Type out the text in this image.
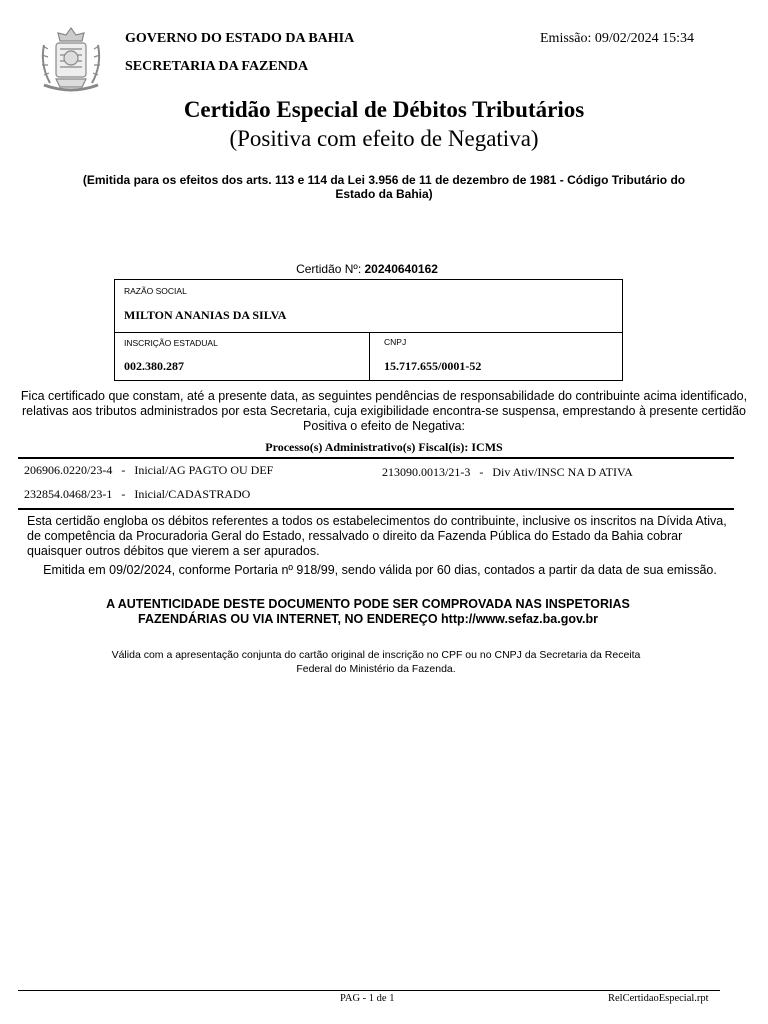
GOVERNO DO ESTADO DA BAHIA
SECRETARIA DA FAZENDA
Emissão: 09/02/2024 15:34
Certidão Especial de Débitos Tributários
(Positiva com efeito de Negativa)
(Emitida para os efeitos dos arts. 113 e 114 da Lei 3.956 de 11 de dezembro de 1981 - Código Tributário do Estado da Bahia)
Certidão Nº: 20240640162
RAZÃO SOCIAL
MILTON ANANIAS DA SILVA
INSCRIÇÃO ESTADUAL
002.380.287
CNPJ
15.717.655/0001-52
Fica certificado que constam, até a presente data, as seguintes pendências de responsabilidade do contribuinte acima identificado, relativas aos tributos administrados por esta Secretaria, cuja exigibilidade encontra-se suspensa, emprestando à presente certidão Positiva o efeito de Negativa:
Processo(s) Administrativo(s) Fiscal(is): ICMS
206906.0220/23-4   -   Inicial/AG PAGTO OU DEF	213090.0013/21-3   -   Div Ativ/INSC NA D ATIVA
232854.0468/23-1   -   Inicial/CADASTRADO
Esta certidão engloba os débitos referentes a todos os estabelecimentos do contribuinte, inclusive os inscritos na Dívida Ativa, de competência da Procuradoria Geral do Estado, ressalvado o direito da Fazenda Pública do Estado da Bahia cobrar quaisquer outros débitos que vierem a ser apurados.
Emitida em 09/02/2024, conforme Portaria nº 918/99, sendo válida por 60 dias, contados a partir da data de sua emissão.
A AUTENTICIDADE DESTE DOCUMENTO PODE SER COMPROVADA NAS INSPETORIAS FAZENDÁRIAS OU VIA INTERNET, NO ENDEREÇO http://www.sefaz.ba.gov.br
Válida com a apresentação conjunta do cartão original de inscrição no CPF ou no CNPJ da Secretaria da Receita Federal do Ministério da Fazenda.
PAG - 1 de 1	RelCertidaoEspecial.rpt
